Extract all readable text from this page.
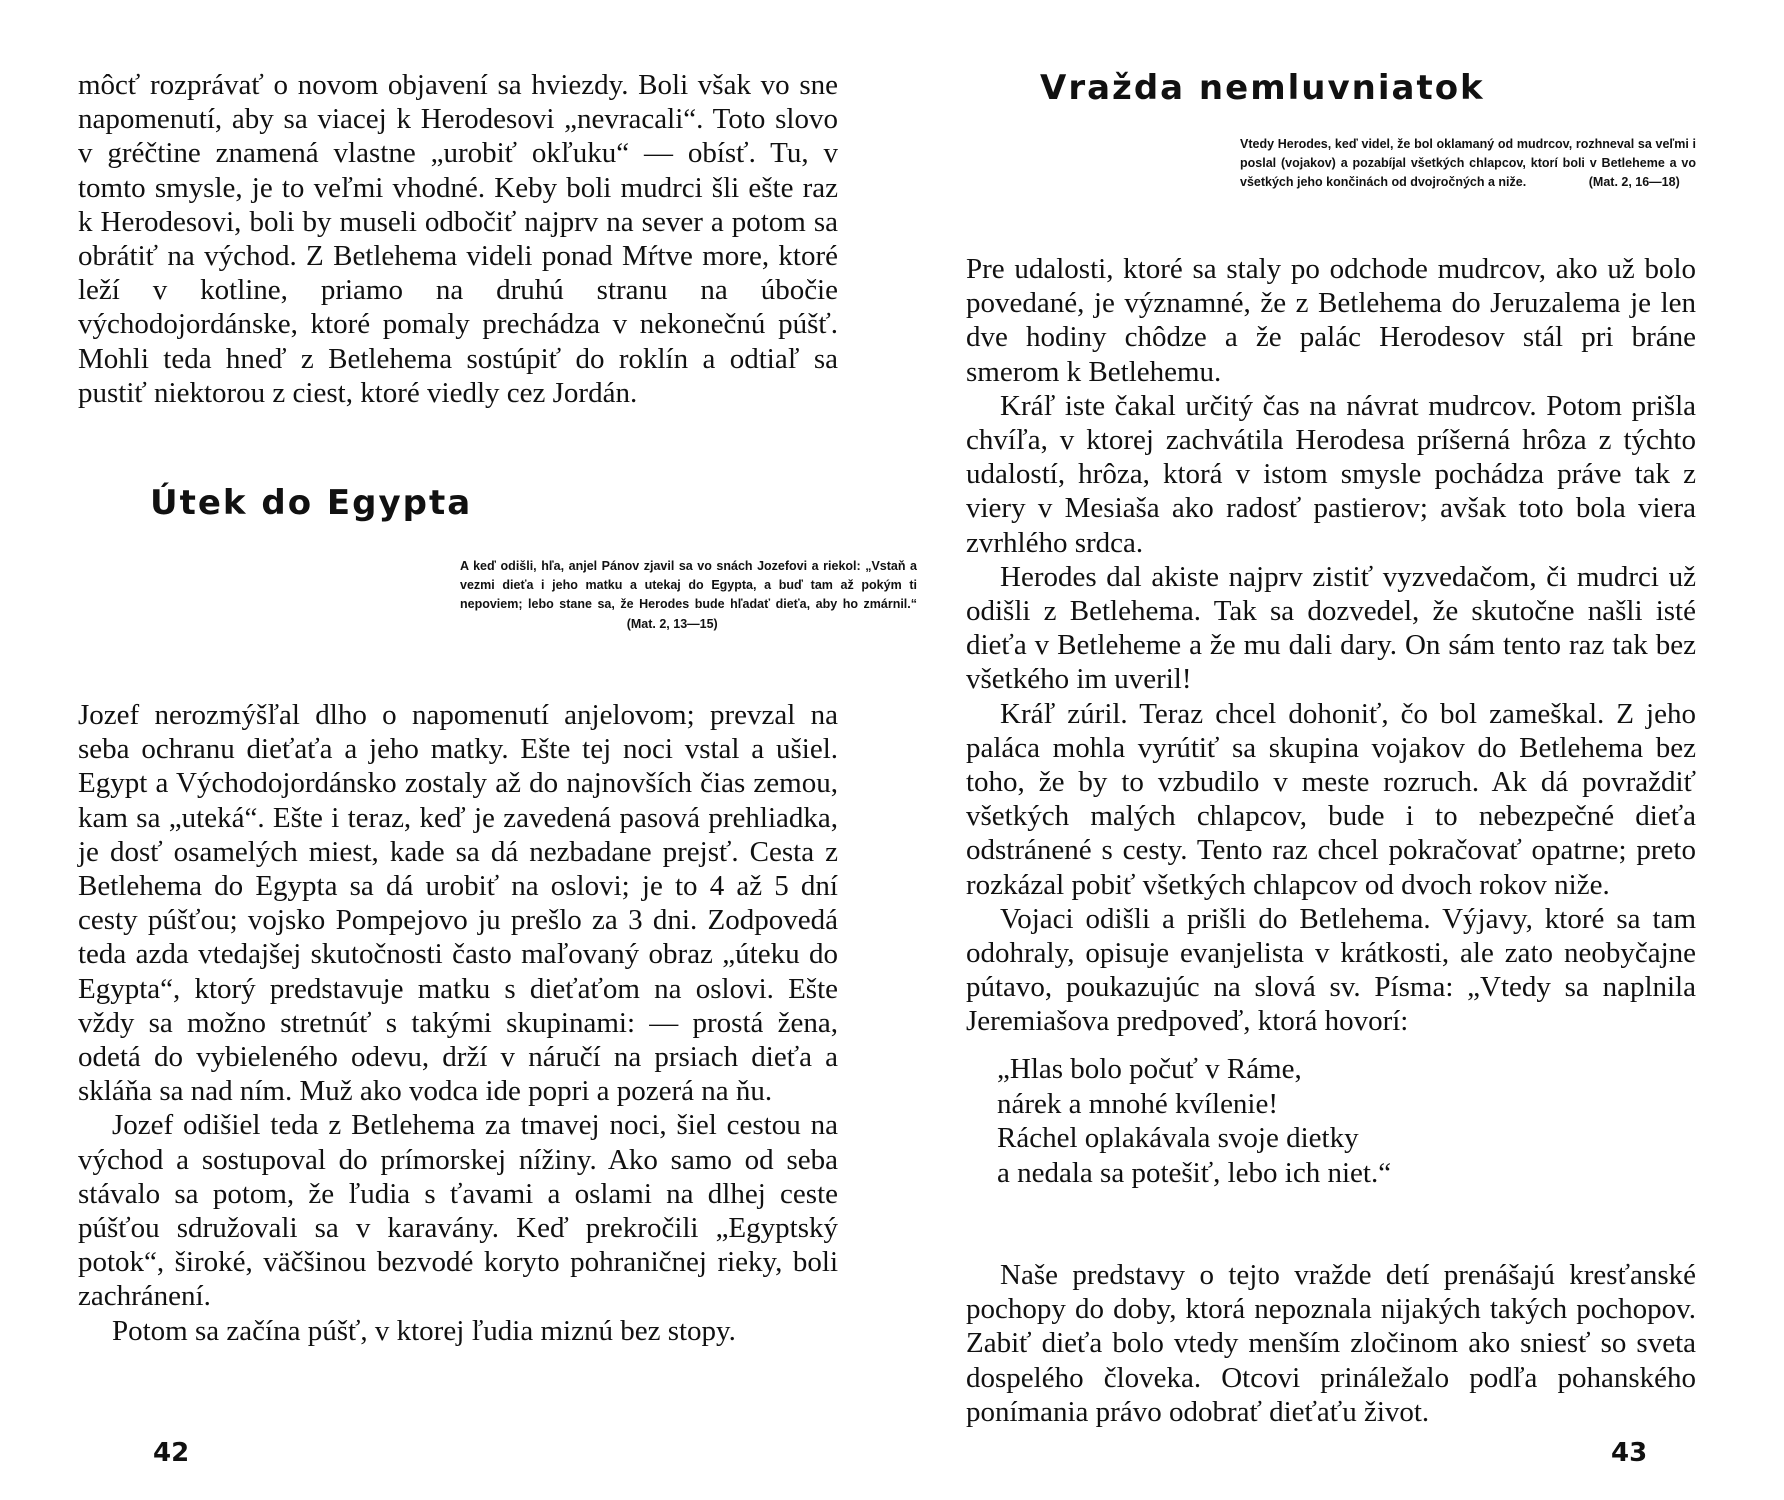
môcť rozprávať o novom objavení sa hviezdy. Boli však vo sne napomenutí, aby sa viacej k Herodesovi „nevracali“. Toto slovo v gréčtine znamená vlastne „urobiť okľuku“ — obísť. Tu, v tomto smysle, je to veľmi vhodné. Keby boli mudrci šli ešte raz k Herodesovi, boli by museli odbočiť najprv na sever a potom sa obrátiť na východ. Z Betlehema videli ponad Mŕtve more, ktoré leží v kotline, priamo na druhú stranu na úbočie východojordánske, ktoré pomaly prechádza v nekonečnú púšť. Mohli teda hneď z Betlehema sostúpiť do roklín a odtiaľ sa pustiť niektorou z ciest, ktoré viedly cez Jordán.

Útek do Egypta
A keď odišli, hľa, anjel Pánov zjavil sa vo snách Jozefovi a riekol: „Vstaň a vezmi dieťa i jeho matku a utekaj do Egypta, a buď tam až pokým ti nepoviem; lebo stane sa, že Herodes bude hľadať dieťa, aby ho zmárnil.“                                                 (Mat. 2, 13—15)

Jozef nerozmýšľal dlho o napomenutí anjelovom; prevzal na seba ochranu dieťaťa a jeho matky. Ešte tej noci vstal a ušiel. Egypt a Východojordánsko zostaly až do najnovších čias zemou, kam sa „uteká“. Ešte i teraz, keď je zavedená pasová prehliadka, je dosť osamelých miest, kade sa dá nezbadane prejsť. Cesta z Betlehema do Egypta sa dá urobiť na oslovi; je to 4 až 5 dní cesty púšťou; vojsko Pompejovo ju prešlo za 3 dni. Zodpovedá teda azda vtedajšej skutočnosti často maľovaný obraz „úteku do Egypta“, ktorý predstavuje matku s dieťaťom na oslovi. Ešte vždy sa možno stretnúť s takými skupinami: — prostá žena, odetá do vybieleného odevu, drží v náručí na prsiach dieťa a skláňa sa nad ním. Muž ako vodca ide popri a pozerá na ňu.

Jozef odišiel teda z Betlehema za tmavej noci, šiel cestou na východ a sostupoval do prímorskej nížiny. Ako samo od seba stávalo sa potom, že ľudia s ťavami a oslami na dlhej ceste púšťou sdružovali sa v karavány. Keď prekročili „Egyptský potok“, široké, väčšinou bezvodé koryto pohraničnej rieky, boli zachránení.

Potom sa začína púšť, v ktorej ľudia miznú bez stopy.

42
Vražda nemluvniatok
Vtedy Herodes, keď videl, že bol oklamaný od mudrcov, rozhneval sa veľmi i poslal (vojakov) a pozabíjal všetkých chlapcov, ktorí boli v Betleheme a vo všetkých jeho končinách od dvojročných a niže.	(Mat. 2, 16—18)

Pre udalosti, ktoré sa staly po odchode mudrcov, ako už bolo povedané, je významné, že z Betlehema do Jeruzalema je len dve hodiny chôdze a že palác Herodesov stál pri bráne smerom k Betlehemu.

Kráľ iste čakal určitý čas na návrat mudrcov. Potom prišla chvíľa, v ktorej zachvátila Herodesa príšerná hrôza z týchto udalostí, hrôza, ktorá v istom smysle pochádza práve tak z viery v Mesiaša ako radosť pastierov; avšak toto bola viera zvrhlého srdca.

Herodes dal akiste najprv zistiť vyzvedačom, či mudrci už odišli z Betlehema. Tak sa dozvedel, že skutočne našli isté dieťa v Betleheme a že mu dali dary. On sám tento raz tak bez všetkého im uveril!

Kráľ zúril. Teraz chcel dohoniť, čo bol zameškal. Z jeho paláca mohla vyrútiť sa skupina vojakov do Betlehema bez toho, že by to vzbudilo v meste rozruch. Ak dá povraždiť všetkých malých chlapcov, bude i to nebezpečné dieťa odstránené s cesty. Tento raz chcel pokračovať opatrne; preto rozkázal pobiť všetkých chlapcov od dvoch rokov niže.

Vojaci odišli a prišli do Betlehema. Výjavy, ktoré sa tam odohraly, opisuje evanjelista v krátkosti, ale zato neobyčajne pútavo, poukazujúc na slová sv. Písma: „Vtedy sa naplnila Jeremiašova predpoveď, ktorá hovorí:

„Hlas bolo počuť v Ráme,
nárek a mnohé kvílenie!
Ráchel oplakávala svoje dietky
a nedala sa potešiť, lebo ich niet.“

Naše predstavy o tejto vražde detí prenášajú kresťanské pochopy do doby, ktorá nepoznala nijakých takých pochopov. Zabiť dieťa bolo vtedy menším zločinom ako sniesť so sveta dospelého človeka. Otcovi prináležalo podľa pohanského ponímania právo odobrať dieťaťu život.

43
